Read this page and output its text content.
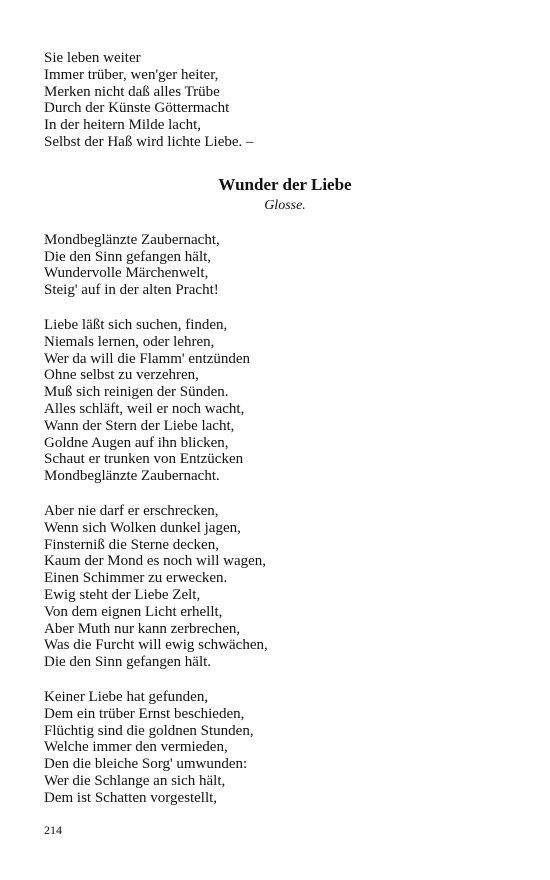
Sie leben weiter
Immer trüber, wen'ger heiter,
Merken nicht daß alles Trübe
Durch der Künste Göttermacht
In der heitern Milde lacht,
Selbst der Haß wird lichte Liebe. –
Wunder der Liebe
Glosse.
Mondbeglänzte Zaubernacht,
Die den Sinn gefangen hält,
Wundervolle Märchenwelt,
Steig' auf in der alten Pracht!
Liebe läßt sich suchen, finden,
Niemals lernen, oder lehren,
Wer da will die Flamm' entzünden
Ohne selbst zu verzehren,
Muß sich reinigen der Sünden.
Alles schläft, weil er noch wacht,
Wann der Stern der Liebe lacht,
Goldne Augen auf ihn blicken,
Schaut er trunken von Entzücken
Mondbeglänzte Zaubernacht.
Aber nie darf er erschrecken,
Wenn sich Wolken dunkel jagen,
Finsterniß die Sterne decken,
Kaum der Mond es noch will wagen,
Einen Schimmer zu erwecken.
Ewig steht der Liebe Zelt,
Von dem eignen Licht erhellt,
Aber Muth nur kann zerbrechen,
Was die Furcht will ewig schwächen,
Die den Sinn gefangen hält.
Keiner Liebe hat gefunden,
Dem ein trüber Ernst beschieden,
Flüchtig sind die goldnen Stunden,
Welche immer den vermieden,
Den die bleiche Sorg' umwunden:
Wer die Schlange an sich hält,
Dem ist Schatten vorgestellt,
214
